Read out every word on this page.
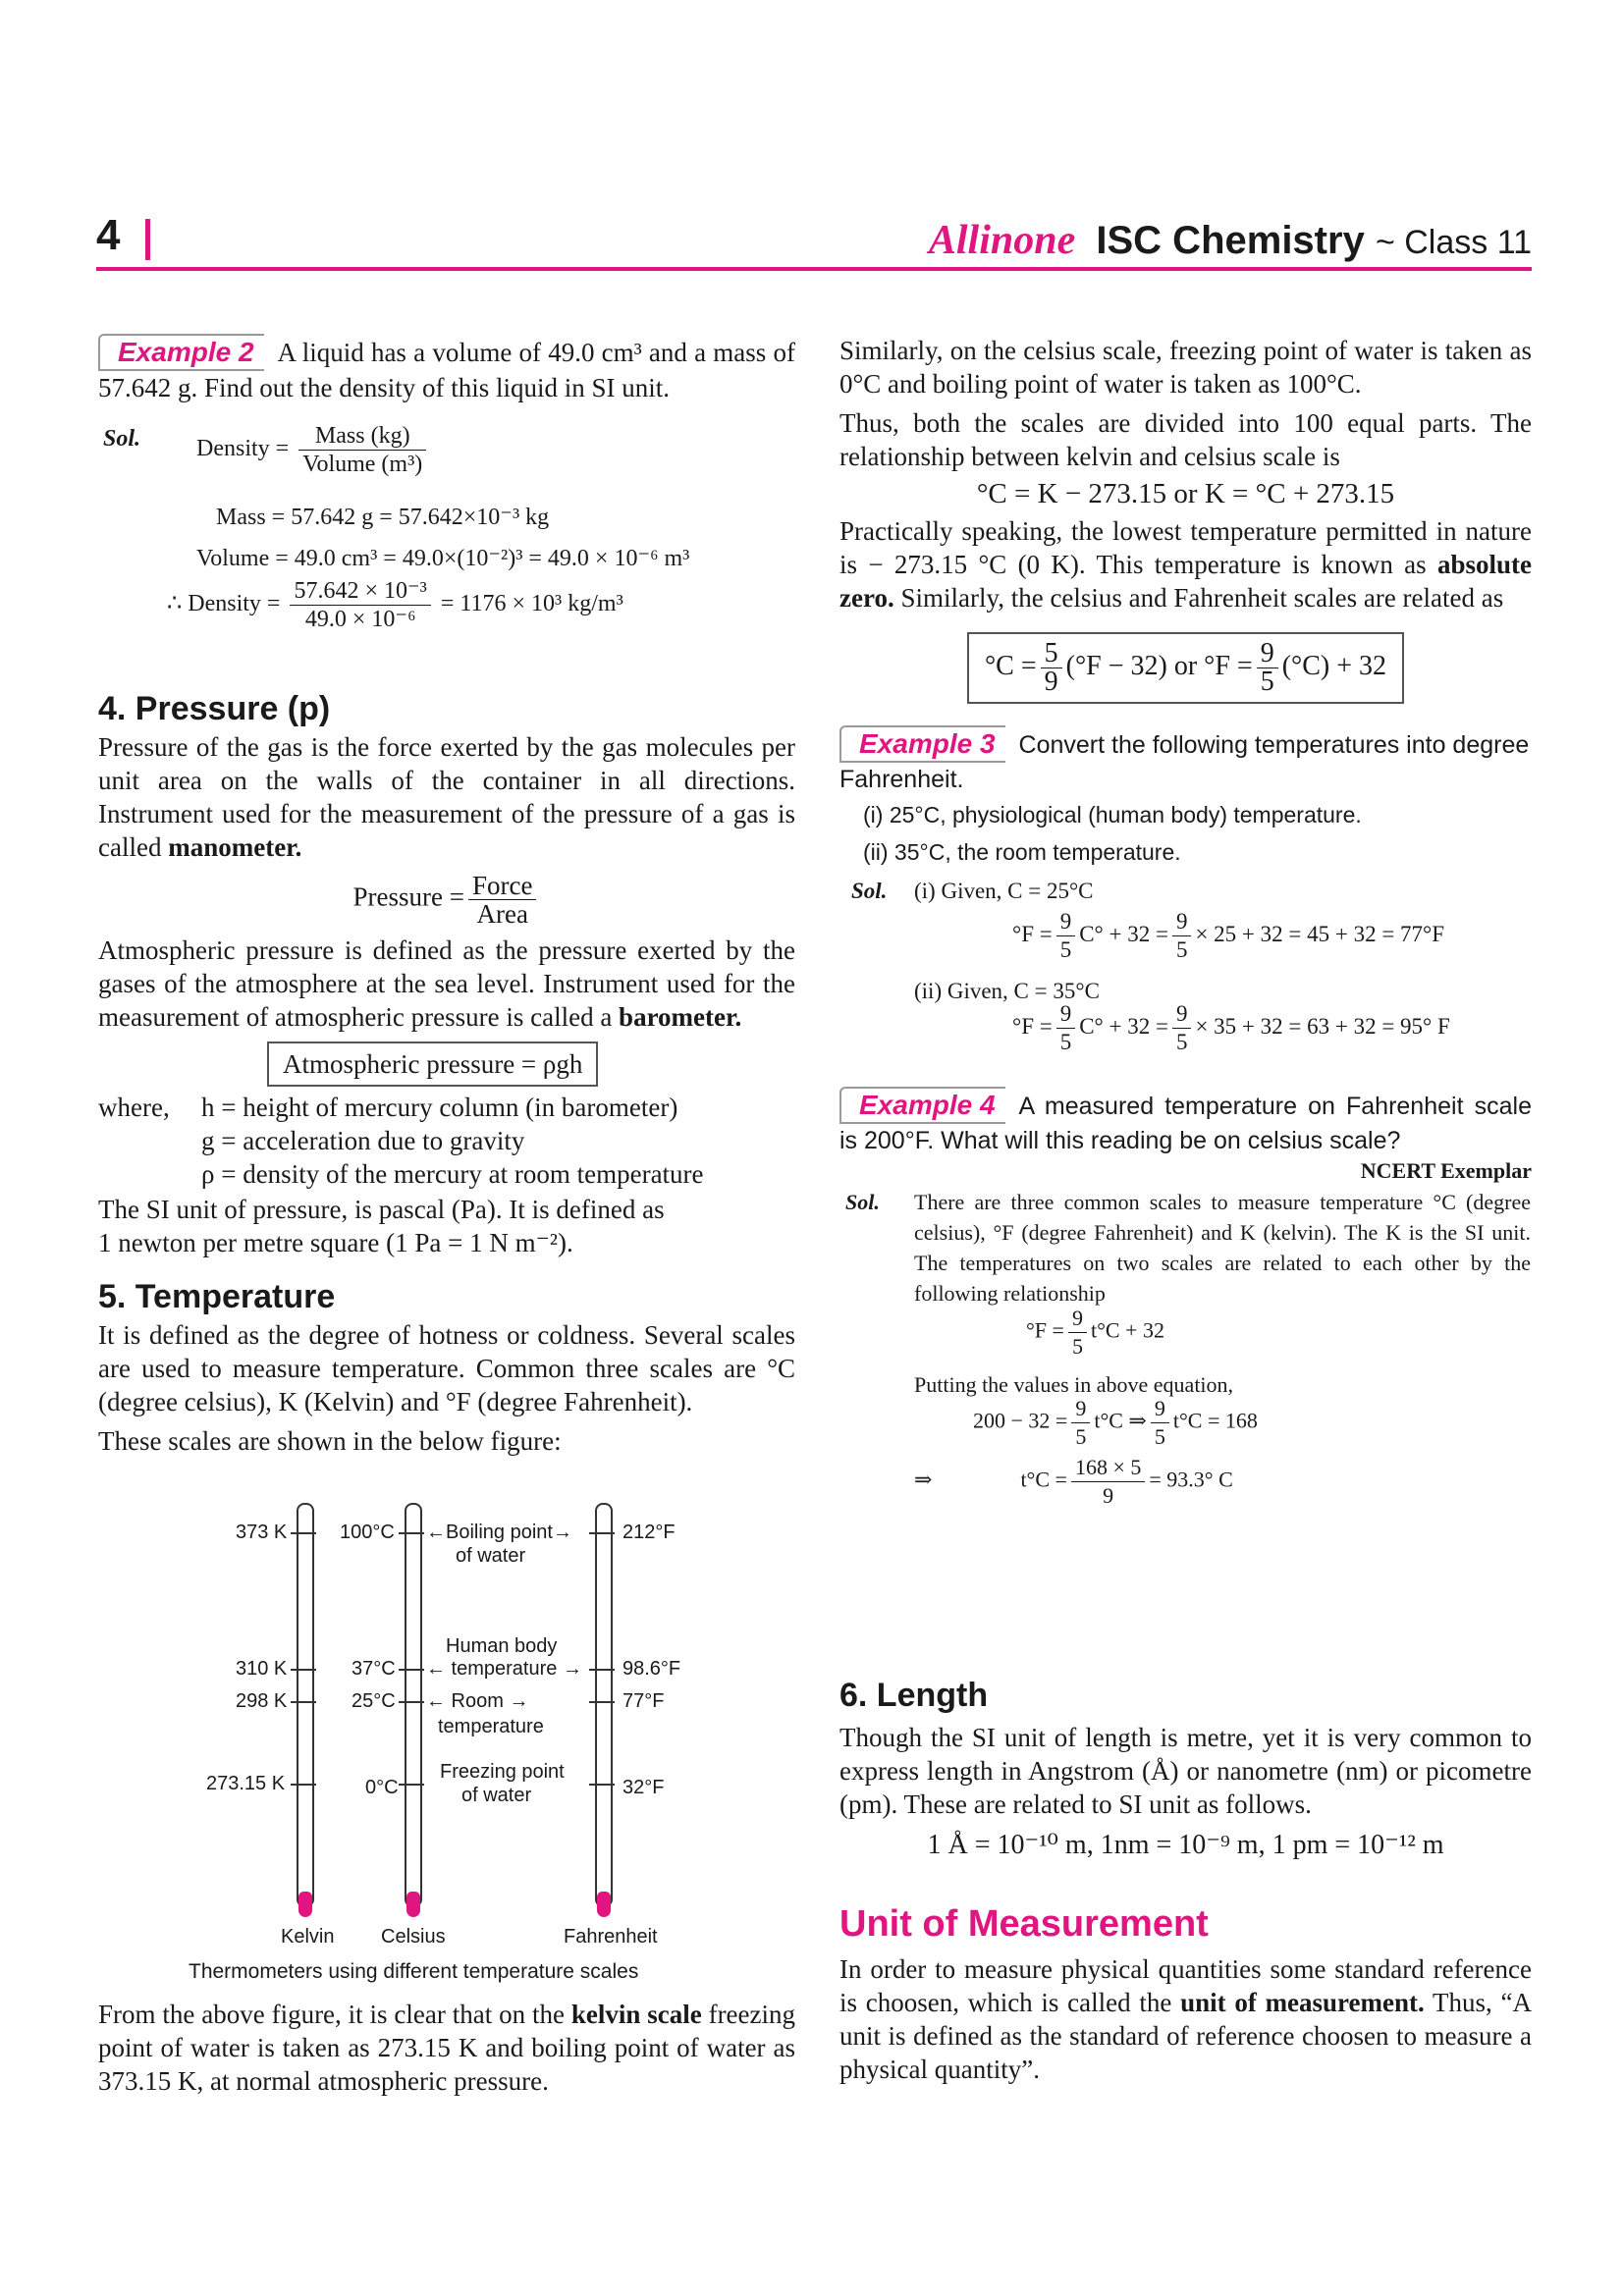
4	Allinone ISC Chemistry ~ Class 11

Example 2 A liquid has a volume of 49.0 cm³ and a mass of 57.642 g. Find out the density of this liquid in SI unit.

Sol. Density = $\frac{\text{Mass (kg)}}{\text{Volume (m³)}}$
Mass = 57.642 g = 57.642×10⁻³ kg
Volume = 49.0 cm³ = 49.0×(10⁻²)³ = 49.0 × 10⁻⁶ m³
∴ Density = $\frac{\text{57.642 × 10⁻³}}{\text{49.0 × 10⁻⁶}} = 1176 \times 10^3$ kg/m³
4. Pressure (p)

Pressure of the gas is the force exerted by the gas molecules per unit area on the walls of the container in all directions. Instrument used for the measurement of the pressure of a gas is called manometer.

Pressure = $\frac{\text{Force}}{\text{Area}}$

Atmospheric pressure is defined as the pressure exerted by the gases of the atmosphere at the sea level. Instrument used for the measurement of atmospheric pressure is called a barometer.

Atmospheric pressure = ρgh
where, h = height of mercury column (in barometer)
g = acceleration due to gravity
ρ = density of the mercury at room temperature

The SI unit of pressure, is pascal (Pa). It is defined as

1 newton per metre square (1 Pa = 1 N m⁻²).

5. Temperature

It is defined as the degree of hotness or coldness. Several scales are used to measure temperature. Common three scales are °C (degree celsius), K (Kelvin) and °F (degree Fahrenheit).

These scales are shown in the below figure:

373 K
310 K
298 K
273.15 K
100°C
37°C
25°C
0°C
212°F
98.6°F
77°F
32°F
←Boiling point→
of water
Human body
← temperature →
← Room →
temperature
Freezing point
of water
Kelvin Celsius	Fahrenheit
Thermometers using different temperature scales

From the above figure, it is clear that on the kelvin scale freezing point of water is taken as 273.15 K and boiling point of water as 373.15 K, at normal atmospheric pressure.

Similarly, on the celsius scale, freezing point of water is taken as 0°C and boiling point of water is taken as 100°C.

Thus, both the scales are divided into 100 equal parts. The relationship between kelvin and celsius scale is

°C = K − 273.15 or K = °C + 273.15

Practically speaking, the lowest temperature permitted in nature is − 273.15 °C (0 K). This temperature is known as absolute zero. Similarly, the celsius and Fahrenheit scales are related as

$^\circ C = \frac{5}{9} (^\circ F - 32)$ or $^\circ F = \frac{9}{5} (^\circ C) + 32$

Example 3 Convert the following temperatures into degree Fahrenheit.

(i) 25°C, physiological (human body) temperature.

(ii) 35°C, the room temperature.

Sol. (i) Given, C = 25°C
$^\circ F = \frac{9}{5} C^\circ + 32 = \frac{9}{5} \times 25 + 32 = 45 + 32 = 77^\circ F$
(ii) Given, C = 35°C
$^\circ F = \frac{9}{5} C^\circ + 32 = \frac{9}{5} \times 35 + 32 = 63 + 32 = 95^\circ$ F

Example 4 A measured temperature on Fahrenheit scale is 200°F. What will this reading be on celsius scale?

NCERT Exemplar

Sol. There are three common scales to measure temperature °C (degree celsius), °F (degree Fahrenheit) and K (kelvin). The K is the SI unit. The temperatures on two scales are related to each other by the following relationship
$^\circ F = \frac{9}{5} t^\circ C + 32$
Putting the values in above equation,
$200 - 32 = \frac{9}{5} t^\circ C$ ⇒ $\frac{9}{5} t^\circ C = 168$
⇒	$t^\circ C = \frac{168 \times 5}{9} = 93.3^\circ$ C
6. Length

Though the SI unit of length is metre, yet it is very common to express length in Angstrom (Å) or nanometre (nm) or picometre (pm). These are related to SI unit as follows.

1 Å = 10⁻¹⁰ m, 1nm = 10⁻⁹ m, 1 pm = 10⁻¹² m

Unit of Measurement

In order to measure physical quantities some standard reference is choosen, which is called the unit of measurement. Thus, “A unit is defined as the standard of reference choosen to measure a physical quantity”.
